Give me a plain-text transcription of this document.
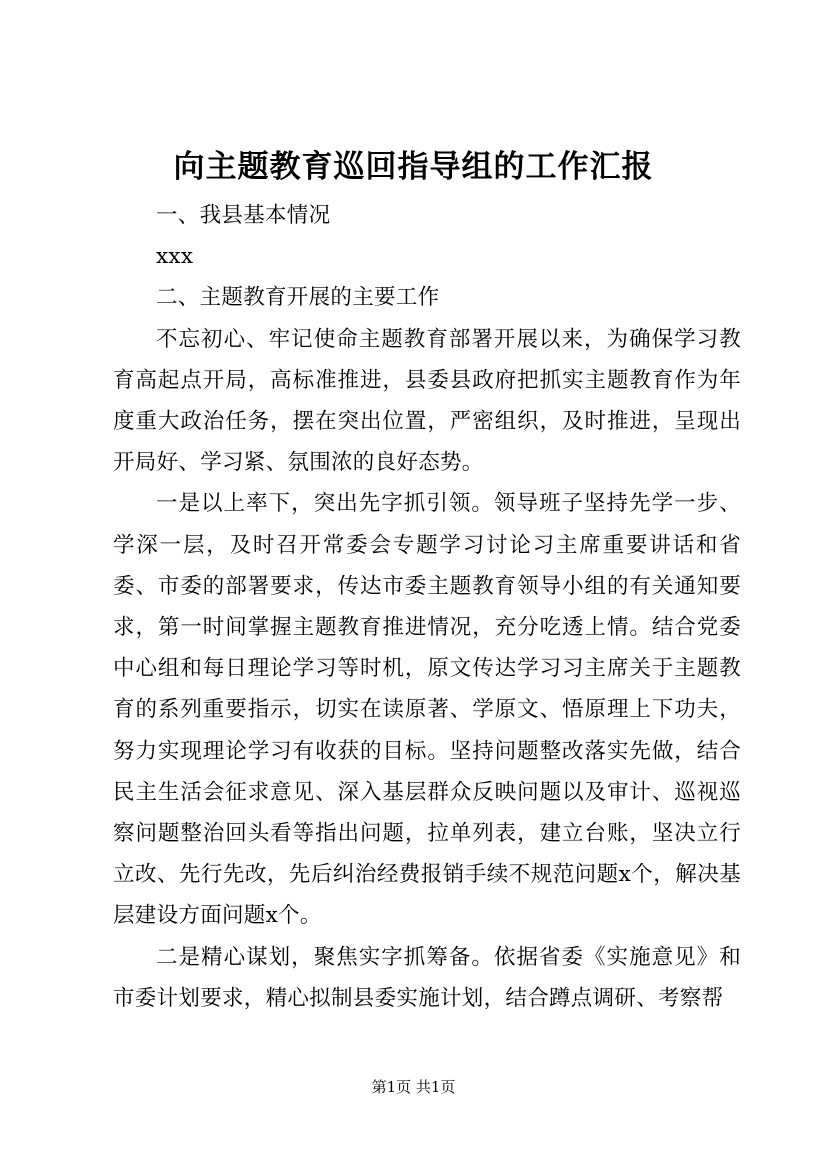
向主题教育巡回指导组的工作汇报

一、我县基本情况

xxx

二、主题教育开展的主要工作

不忘初心、牢记使命主题教育部署开展以来，为确保学习教育高起点开局，高标准推进，县委县政府把抓实主题教育作为年度重大政治任务，摆在突出位置，严密组织，及时推进，呈现出开局好、学习紧、氛围浓的良好态势。

一是以上率下，突出先字抓引领。领导班子坚持先学一步、学深一层，及时召开常委会专题学习讨论习主席重要讲话和省委、市委的部署要求，传达市委主题教育领导小组的有关通知要求，第一时间掌握主题教育推进情况，充分吃透上情。结合党委中心组和每日理论学习等时机，原文传达学习习主席关于主题教育的系列重要指示，切实在读原著、学原文、悟原理上下功夫，努力实现理论学习有收获的目标。坚持问题整改落实先做，结合民主生活会征求意见、深入基层群众反映问题以及审计、巡视巡察问题整治回头看等指出问题，拉单列表，建立台账，坚决立行立改、先行先改，先后纠治经费报销手续不规范问题x个，解决基层建设方面问题x个。

二是精心谋划，聚焦实字抓筹备。依据省委《实施意见》和市委计划要求，精心拟制县委实施计划，结合蹲点调研、考察帮

第1页 共1页
